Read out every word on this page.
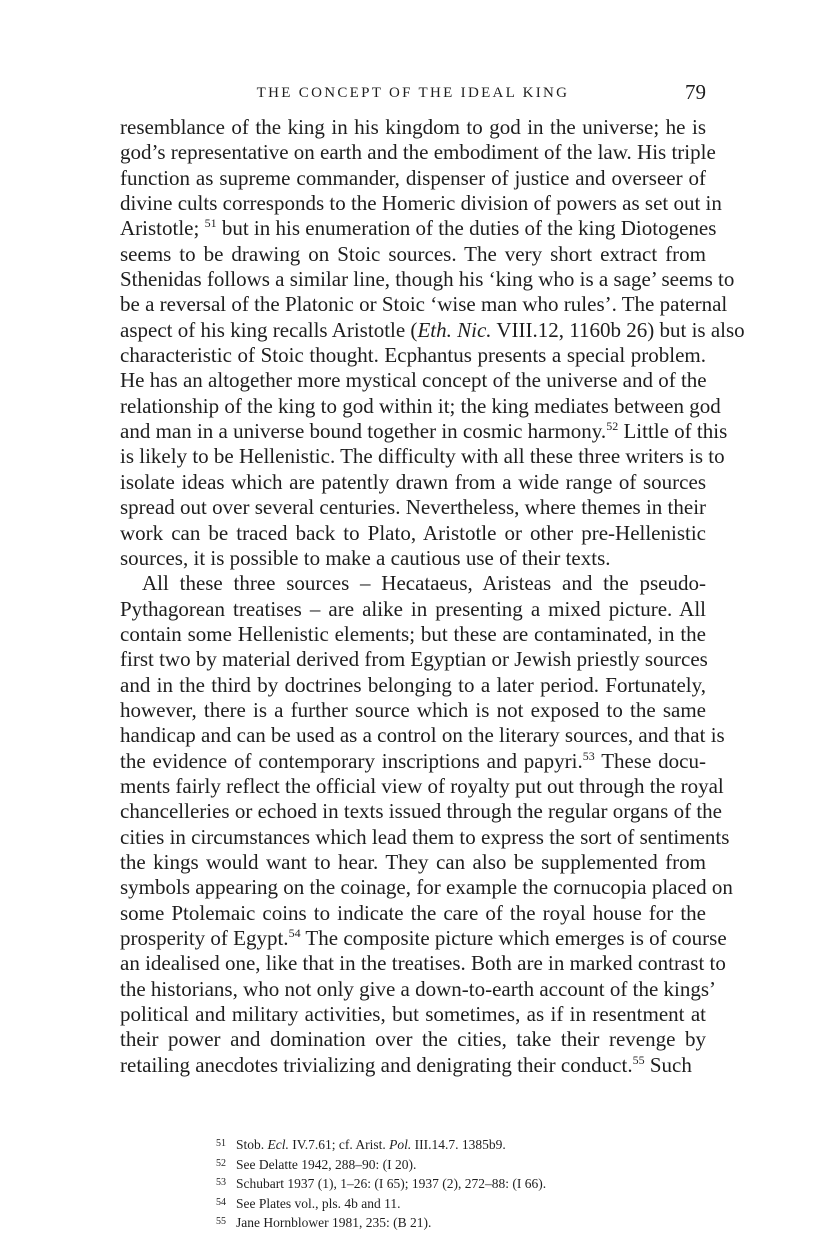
THE CONCEPT OF THE IDEAL KING	79
resemblance of the king in his kingdom to god in the universe; he is
god’s representative on earth and the embodiment of the law. His triple
function as supreme commander, dispenser of justice and overseer of
divine cults corresponds to the Homeric division of powers as set out in
Aristotle; $^{51}$ but in his enumeration of the duties of the king Diotogenes
seems to be drawing on Stoic sources. The very short extract from
Sthenidas follows a similar line, though his ‘king who is a sage’ seems to
be a reversal of the Platonic or Stoic ‘wise man who rules’. The paternal
aspect of his king recalls Aristotle (Eth. Nic. VIII.12, 1160b 26) but is also
characteristic of Stoic thought. Ecphantus presents a special problem.
He has an altogether more mystical concept of the universe and of the
relationship of the king to god within it; the king mediates between god
and man in a universe bound together in cosmic harmony.$^{52}$ Little of this
is likely to be Hellenistic. The difficulty with all these three writers is to
isolate ideas which are patently drawn from a wide range of sources
spread out over several centuries. Nevertheless, where themes in their
work can be traced back to Plato, Aristotle or other pre-Hellenistic
sources, it is possible to make a cautious use of their texts.
All these three sources – Hecataeus, Aristeas and the pseudo-
Pythagorean treatises – are alike in presenting a mixed picture. All
contain some Hellenistic elements; but these are contaminated, in the
first two by material derived from Egyptian or Jewish priestly sources
and in the third by doctrines belonging to a later period. Fortunately,
however, there is a further source which is not exposed to the same
handicap and can be used as a control on the literary sources, and that is
the evidence of contemporary inscriptions and papyri.$^{53}$ These docu-
ments fairly reflect the official view of royalty put out through the royal
chancelleries or echoed in texts issued through the regular organs of the
cities in circumstances which lead them to express the sort of sentiments
the kings would want to hear. They can also be supplemented from
symbols appearing on the coinage, for example the cornucopia placed on
some Ptolemaic coins to indicate the care of the royal house for the
prosperity of Egypt.$^{54}$ The composite picture which emerges is of course
an idealised one, like that in the treatises. Both are in marked contrast to
the historians, who not only give a down-to-earth account of the kings’
political and military activities, but sometimes, as if in resentment at
their power and domination over the cities, take their revenge by
retailing anecdotes trivializing and denigrating their conduct.$^{55}$ Such
51 Stob. Ecl. IV.7.61; cf. Arist. Pol. III.14.7. 1385b9.
52 See Delatte 1942, 288–90: (I 20).
53 Schubart 1937 (1), 1–26: (I 65); 1937 (2), 272–88: (I 66).
54 See Plates vol., pls. 4b and 11.
55 Jane Hornblower 1981, 235: (B 21).
